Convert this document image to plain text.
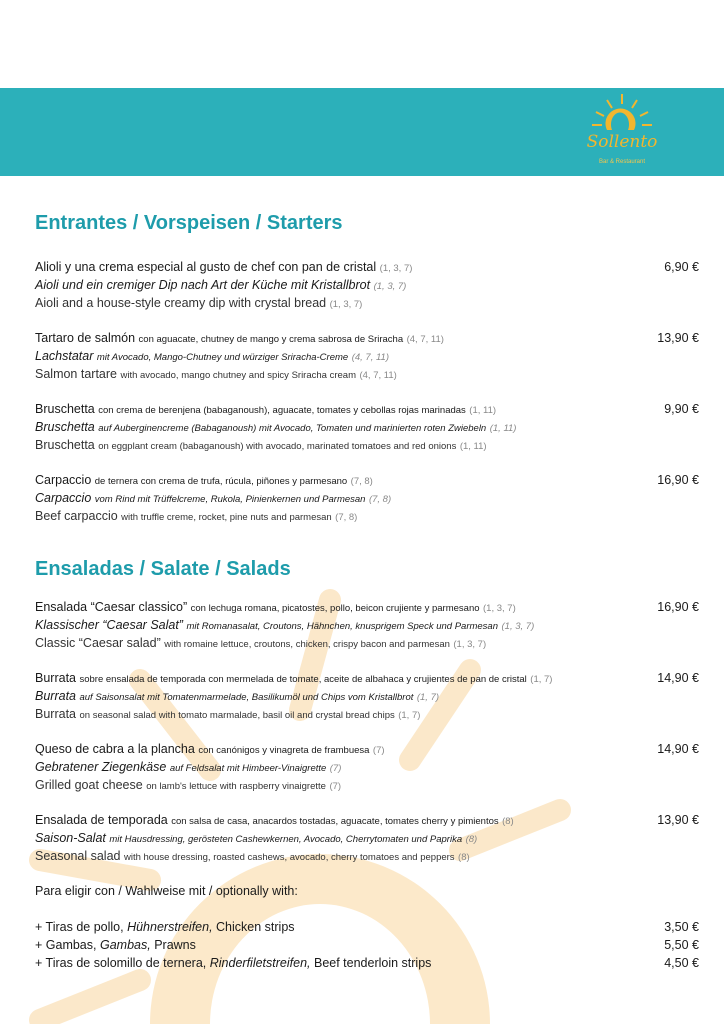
Sollento
Bar & Restaurant
Entrantes / Vorspeisen / Starters
Alioli y una crema especial al gusto de chef con pan de cristal (1, 3, 7)
Aioli und ein cremiger Dip nach Art der Küche mit Kristallbrot (1, 3, 7)
Aioli and a house-style creamy dip with crystal bread (1, 3, 7)
6,90 €
Tartaro de salmón con aguacate, chutney de mango y crema sabrosa de Sriracha (4, 7, 11)
Lachstatar mit Avocado, Mango-Chutney und würziger Sriracha-Creme (4, 7, 11)
Salmon tartare with avocado, mango chutney and spicy Sriracha cream (4, 7, 11)
13,90 €
Bruschetta con crema de berenjena (babaganoush), aguacate, tomates y cebollas rojas marinadas (1, 11)
Bruschetta auf Auberginencreme (Babaganoush) mit Avocado, Tomaten und marinierten roten Zwiebeln (1, 11)
Bruschetta on eggplant cream (babaganoush) with avocado, marinated tomatoes and red onions (1, 11)
9,90 €
Carpaccio de ternera con crema de trufa, rúcula, piñones y parmesano (7, 8)
Carpaccio vom Rind mit Trüffelcreme, Rukola, Pinienkernen und Parmesan (7, 8)
Beef carpaccio with truffle creme, rocket, pine nuts and parmesan (7, 8)
16,90 €
Ensaladas / Salate / Salads
Ensalada “Caesar classico” con lechuga romana, picatostes, pollo, beicon crujiente y parmesano (1, 3, 7)
Klassischer “Caesar Salat” mit Romanasalat, Croutons, Hähnchen, knusprigem Speck und Parmesan (1, 3, 7)
Classic “Caesar salad” with romaine lettuce, croutons, chicken, crispy bacon and parmesan (1, 3, 7)
16,90 €
Burrata sobre ensalada de temporada con mermelada de tomate, aceite de albahaca y crujientes de pan de cristal (1, 7)
Burrata auf Saisonsalat mit Tomatenmarmelade, Basilikumöl und Chips vom Kristallbrot (1, 7)
Burrata on seasonal salad with tomato marmalade, basil oil and crystal bread chips (1, 7)
14,90 €
Queso de cabra a la plancha con canónigos y vinagreta de frambuesa (7)
Gebratener Ziegenkäse auf Feldsalat mit Himbeer-Vinaigrette (7)
Grilled goat cheese on lamb's lettuce with raspberry vinaigrette (7)
14,90 €
Ensalada de temporada con salsa de casa, anacardos tostadas, aguacate, tomates cherry y pimientos (8)
Saison-Salat mit Hausdressing, gerösteten Cashewkernen, Avocado, Cherrytomaten und Paprika (8)
Seasonal salad with house dressing, roasted cashews, avocado, cherry tomatoes and peppers (8)
13,90 €
Para eligir con / Wahlweise mit / optionally with:
+ Tiras de pollo, Hühnerstreifen, Chicken strips	3,50 €
+ Gambas, Gambas, Prawns	5,50 €
+ Tiras de solomillo de ternera, Rinderfiletstreifen, Beef tenderloin strips	4,50 €
